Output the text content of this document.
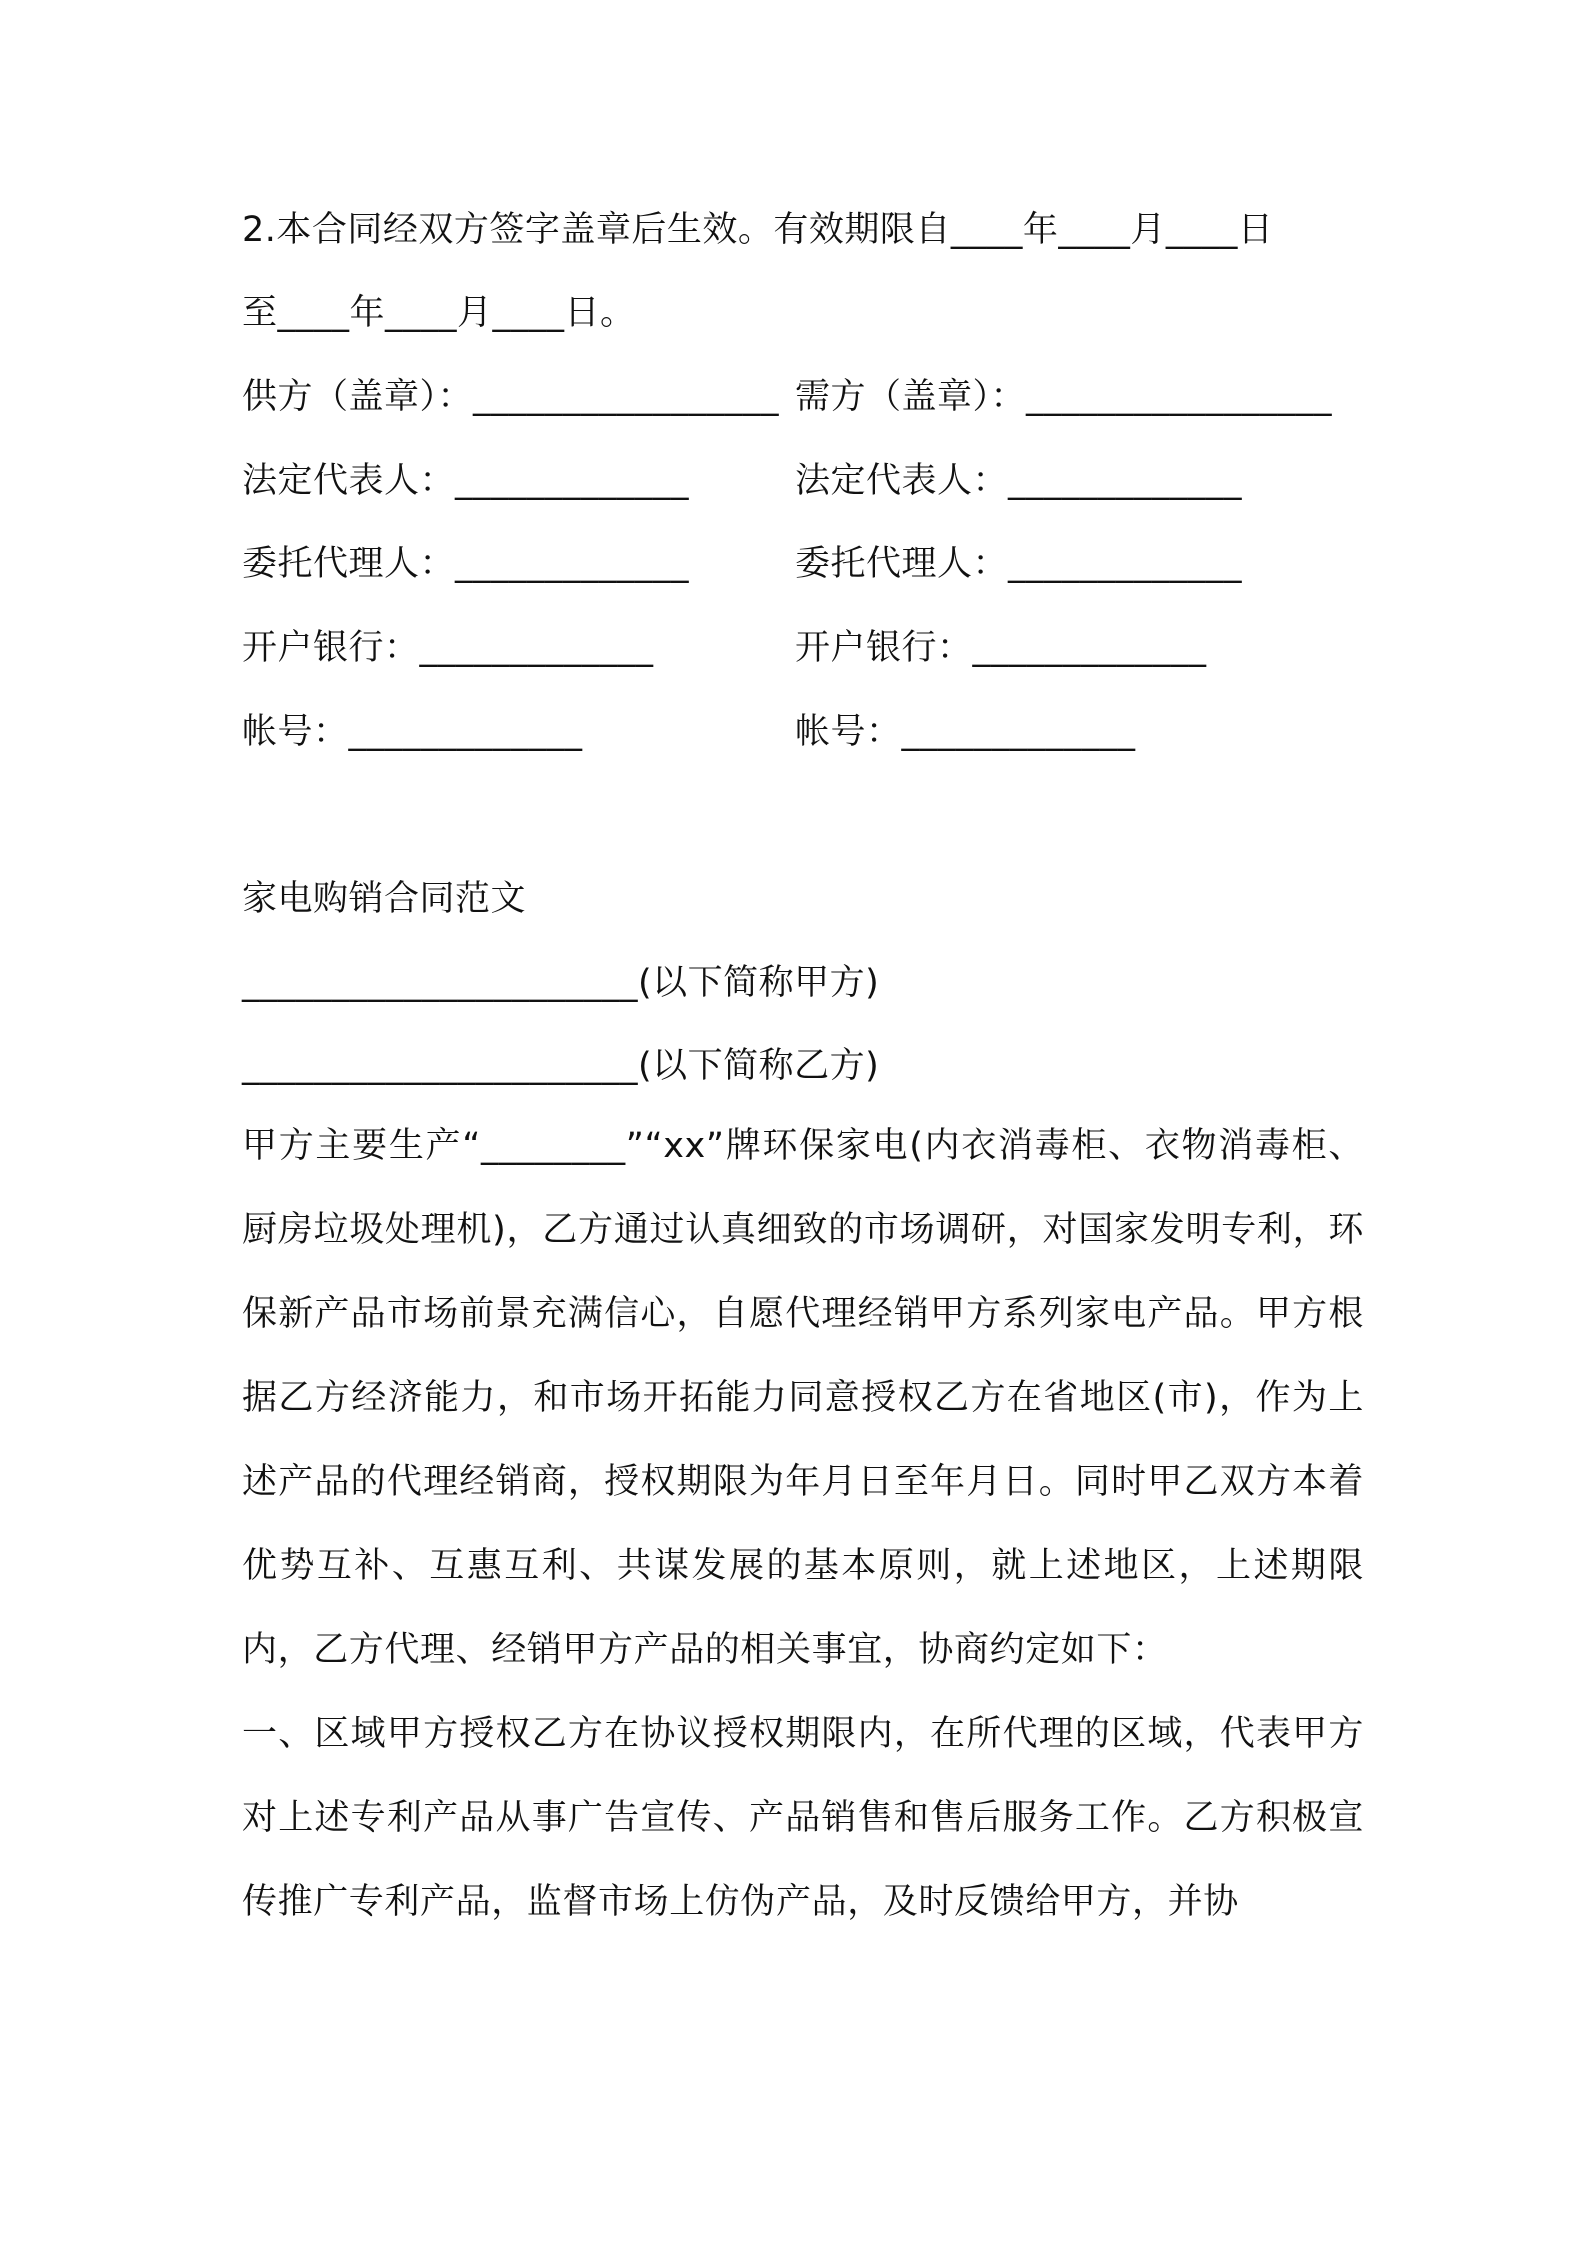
2.本合同经双方签字盖章后生效。有效期限自____年____月____日
至____年____月____日。
供方（盖章）：_________________ 需方（盖章）：_________________
法定代表人：_____________	法定代表人：_____________
委托代理人：_____________	委托代理人：_____________
开户银行：_____________	开户银行：_____________
帐号：_____________	帐号：_____________
家电购销合同范文
______________________(以下简称甲方)
______________________(以下简称乙方)

甲方主要生产“________”“xx”牌环保家电(内衣消毒柜、衣物消毒柜、厨房垃圾处理机)，乙方通过认真细致的市场调研，对国家发明专利，环保新产品市场前景充满信心，自愿代理经销甲方系列家电产品。甲方根据乙方经济能力，和市场开拓能力同意授权乙方在省地区(市)，作为上述产品的代理经销商，授权期限为年月日至年月日。同时甲乙双方本着优势互补、互惠互利、共谋发展的基本原则，就上述地区，上述期限内，乙方代理、经销甲方产品的相关事宜，协商约定如下：

一、区域甲方授权乙方在协议授权期限内，在所代理的区域，代表甲方对上述专利产品从事广告宣传、产品销售和售后服务工作。乙方积极宣传推广专利产品，监督市场上仿伪产品，及时反馈给甲方，并协
